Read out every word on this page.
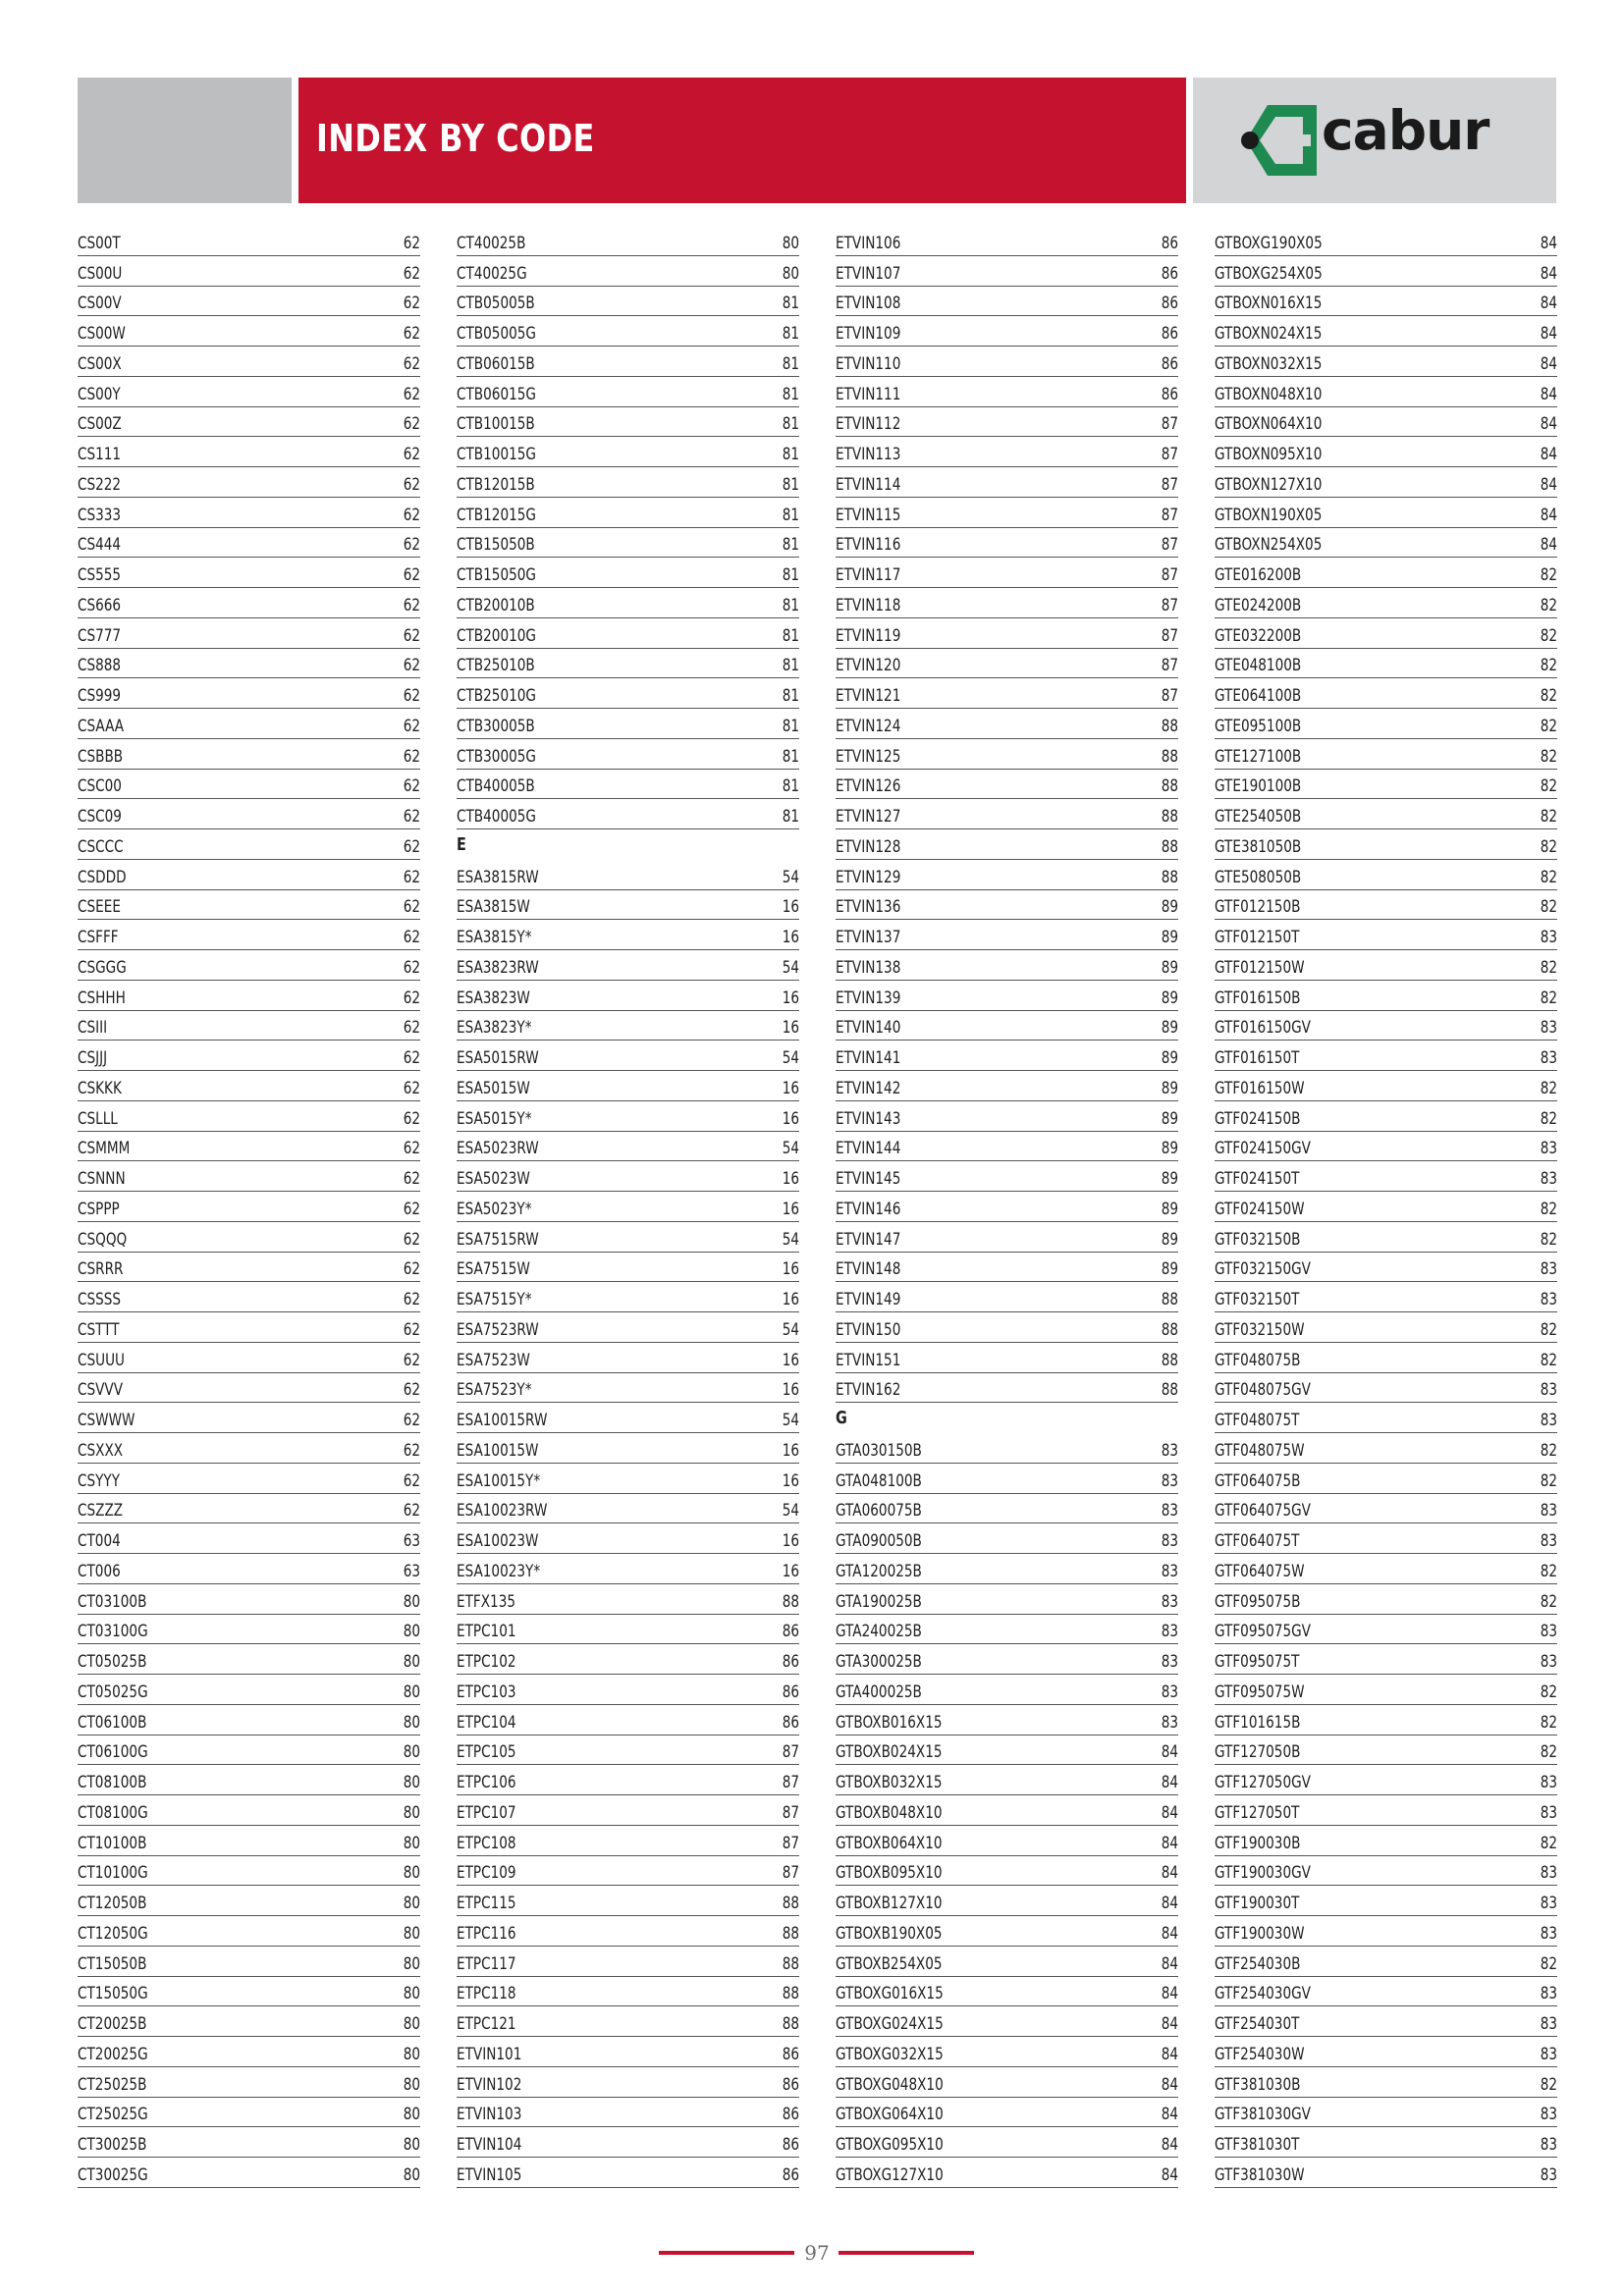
INDEX BY CODE	cabur
CS00T	62
CS00U	62
CS00V	62
CS00W	62
CS00X	62
CS00Y	62
CS00Z	62
CS111	62
CS222	62
CS333	62
CS444	62
CS555	62
CS666	62
CS777	62
CS888	62
CS999	62
CSAAA	62
CSBBB	62
CSC00	62
CSC09	62
CSCCC	62
CSDDD	62
CSEEE	62
CSFFF	62
CSGGG	62
CSHHH	62
CSIII	62
CSJJJ	62
CSKKK	62
CSLLL	62
CSMMM	62
CSNNN	62
CSPPP	62
CSQQQ	62
CSRRR	62
CSSSS	62
CSTTT	62
CSUUU	62
CSVVV	62
CSWWW	62
CSXXX	62
CSYYY	62
CSZZZ	62
CT004	63
CT006	63
CT03100B	80
CT03100G	80
CT05025B	80
CT05025G	80
CT06100B	80
CT06100G	80
CT08100B	80
CT08100G	80
CT10100B	80
CT10100G	80
CT12050B	80
CT12050G	80
CT15050B	80
CT15050G	80
CT20025B	80
CT20025G	80
CT25025B	80
CT25025G	80
CT30025B	80
CT30025G	80
CT40025B	80
CT40025G	80
CTB05005B	81
CTB05005G	81
CTB06015B	81
CTB06015G	81
CTB10015B	81
CTB10015G	81
CTB12015B	81
CTB12015G	81
CTB15050B	81
CTB15050G	81
CTB20010B	81
CTB20010G	81
CTB25010B	81
CTB25010G	81
CTB30005B	81
CTB30005G	81
CTB40005B	81
CTB40005G	81
E
ESA3815RW	54
ESA3815W	16
ESA3815Y*	16
ESA3823RW	54
ESA3823W	16
ESA3823Y*	16
ESA5015RW	54
ESA5015W	16
ESA5015Y*	16
ESA5023RW	54
ESA5023W	16
ESA5023Y*	16
ESA7515RW	54
ESA7515W	16
ESA7515Y*	16
ESA7523RW	54
ESA7523W	16
ESA7523Y*	16
ESA10015RW	54
ESA10015W	16
ESA10015Y*	16
ESA10023RW	54
ESA10023W	16
ESA10023Y*	16
ETFX135	88
ETPC101	86
ETPC102	86
ETPC103	86
ETPC104	86
ETPC105	87
ETPC106	87
ETPC107	87
ETPC108	87
ETPC109	87
ETPC115	88
ETPC116	88
ETPC117	88
ETPC118	88
ETPC121	88
ETVIN101	86
ETVIN102	86
ETVIN103	86
ETVIN104	86
ETVIN105	86
ETVIN106	86
ETVIN107	86
ETVIN108	86
ETVIN109	86
ETVIN110	86
ETVIN111	86
ETVIN112	87
ETVIN113	87
ETVIN114	87
ETVIN115	87
ETVIN116	87
ETVIN117	87
ETVIN118	87
ETVIN119	87
ETVIN120	87
ETVIN121	87
ETVIN124	88
ETVIN125	88
ETVIN126	88
ETVIN127	88
ETVIN128	88
ETVIN129	88
ETVIN136	89
ETVIN137	89
ETVIN138	89
ETVIN139	89
ETVIN140	89
ETVIN141	89
ETVIN142	89
ETVIN143	89
ETVIN144	89
ETVIN145	89
ETVIN146	89
ETVIN147	89
ETVIN148	89
ETVIN149	88
ETVIN150	88
ETVIN151	88
ETVIN162	88
G
GTA030150B	83
GTA048100B	83
GTA060075B	83
GTA090050B	83
GTA120025B	83
GTA190025B	83
GTA240025B	83
GTA300025B	83
GTA400025B	83
GTBOXB016X15	83
GTBOXB024X15	84
GTBOXB032X15	84
GTBOXB048X10	84
GTBOXB064X10	84
GTBOXB095X10	84
GTBOXB127X10	84
GTBOXB190X05	84
GTBOXB254X05	84
GTBOXG016X15	84
GTBOXG024X15	84
GTBOXG032X15	84
GTBOXG048X10	84
GTBOXG064X10	84
GTBOXG095X10	84
GTBOXG127X10	84
GTBOXG190X05	84
GTBOXG254X05	84
GTBOXN016X15	84
GTBOXN024X15	84
GTBOXN032X15	84
GTBOXN048X10	84
GTBOXN064X10	84
GTBOXN095X10	84
GTBOXN127X10	84
GTBOXN190X05	84
GTBOXN254X05	84
GTE016200B	82
GTE024200B	82
GTE032200B	82
GTE048100B	82
GTE064100B	82
GTE095100B	82
GTE127100B	82
GTE190100B	82
GTE254050B	82
GTE381050B	82
GTE508050B	82
GTF012150B	82
GTF012150T	83
GTF012150W	82
GTF016150B	82
GTF016150GV	83
GTF016150T	83
GTF016150W	82
GTF024150B	82
GTF024150GV	83
GTF024150T	83
GTF024150W	82
GTF032150B	82
GTF032150GV	83
GTF032150T	83
GTF032150W	82
GTF048075B	82
GTF048075GV	83
GTF048075T	83
GTF048075W	82
GTF064075B	82
GTF064075GV	83
GTF064075T	83
GTF064075W	82
GTF095075B	82
GTF095075GV	83
GTF095075T	83
GTF095075W	82
GTF101615B	82
GTF127050B	82
GTF127050GV	83
GTF127050T	83
GTF190030B	82
GTF190030GV	83
GTF190030T	83
GTF190030W	83
GTF254030B	82
GTF254030GV	83
GTF254030T	83
GTF254030W	83
GTF381030B	82
GTF381030GV	83
GTF381030T	83
GTF381030W	83
97
